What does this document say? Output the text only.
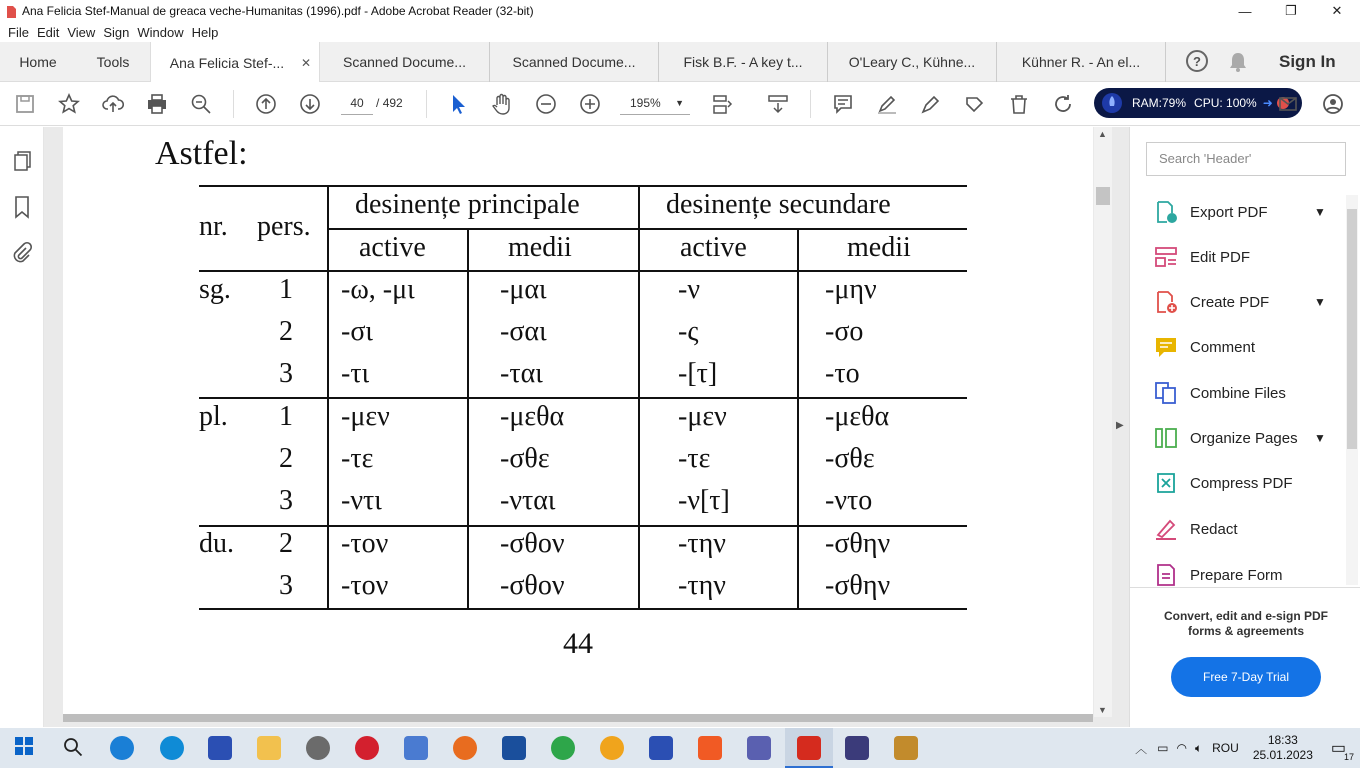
Ana Felicia Stef-Manual de greaca veche-Humanitas (1996).pdf - Adobe Acrobat Reader (32-bit)	—	❐	✕
File Edit View Sign Window Help
Home	Tools	Ana Felicia Stef-... ✕ Scanned Docume...	Scanned Docume...	Fisk B.F. - A key t...	O'Leary C., Kühne...	Kühner R. - An el...	?	Sign In
40	/ 492	195% ▼	RAM:79% CPU: 100% ➜
Astfel:
nr. pers.
desinențe principale	desinențe secundare
active	medii	active	medii
sg. 1 -ω, -μι	-μαι	-ν	-μην
2 -σι	-σαι	-ς	-σο
3 -τι	-ται	-[τ]	-το
pl. 1 -μεν	-μεθα	-μεν	-μεθα
2 -τε	-σθε	-τε	-σθε
3 -ντι	-νται	-ν[τ]	-ντο
du. 2 -τον	-σθον	-την	-σθην
3 -τον	-σθον	-την	-σθην
44
▲
▼
▶
Search 'Header'
Export PDF	▼
Edit PDF
Create PDF	▼
Comment
Combine Files
Organize Pages ▼
Compress PDF
Redact
Prepare Form
Convert, edit and e-sign PDF forms & agreements
Free 7-Day Trial
︿ ▭ ◠ 🔈︎ ROU
18:33
25.01.2023 ▭
17
